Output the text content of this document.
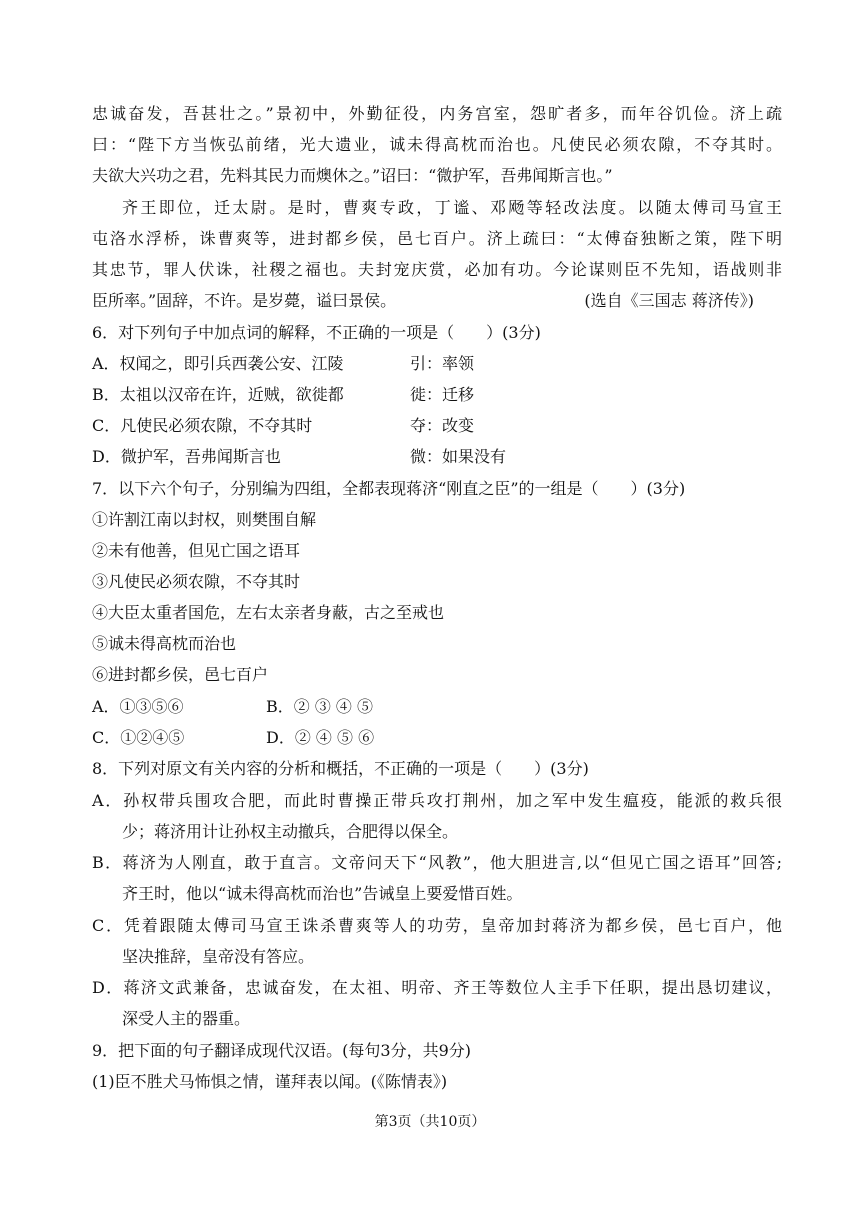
忠诚奋发，吾甚壮之。”景初中，外勤征役，内务宫室，怨旷者多，而年谷饥俭。济上疏
曰：“陛下方当恢弘前绪，光大遗业，诚未得高枕而治也。凡使民必须农隙，不夺其时。
夫欲大兴功之君，先料其民力而燠休之。”诏曰：“微护军，吾弗闻斯言也。”
齐王即位，迁太尉。是时，曹爽专政，丁谧、邓飏等轻改法度。以随太傅司马宣王
屯洛水浮桥，诛曹爽等，进封都乡侯，邑七百户。济上疏曰：“太傅奋独断之策，陛下明
其忠节，罪人伏诛，社稷之福也。夫封宠庆赏，必加有功。今论谋则臣不先知，语战则非
臣所率。”固辞，不许。是岁薨，谥曰景侯。	(选自《三国志 蒋济传》)
6．对下列句子中加点词的解释，不正确的一项是（　　）(3分)
A．权闻之，即引兵西袭公安、江陵	引：率领
B．太祖以汉帝在许，近贼，欲徙都	徙：迁移
C．凡使民必须农隙，不夺其时	夺：改变
D．微护军，吾弗闻斯言也	微：如果没有
7．以下六个句子，分别编为四组，全都表现蒋济“刚直之臣”的一组是（　　）(3分)
①许割江南以封权，则樊围自解
②未有他善，但见亡国之语耳
③凡使民必须农隙，不夺其时
④大臣太重者国危，左右太亲者身蔽，古之至戒也
⑤诚未得高枕而治也
⑥进封都乡侯，邑七百户
A．①③⑤⑥	B．② ③ ④ ⑤
C．①②④⑤	D．② ④ ⑤ ⑥
8．下列对原文有关内容的分析和概括，不正确的一项是（　　）(3分)
A．孙权带兵围攻合肥，而此时曹操正带兵攻打荆州，加之军中发生瘟疫，能派的救兵很
少；蒋济用计让孙权主动撤兵，合肥得以保全。
B．蒋济为人刚直，敢于直言。文帝问天下“风教”，他大胆进言,以“但见亡国之语耳”回答;
齐王时，他以“诚未得高枕而治也”告诫皇上要爱惜百姓。
C．凭着跟随太傅司马宣王诛杀曹爽等人的功劳，皇帝加封蒋济为都乡侯，邑七百户，他
坚决推辞，皇帝没有答应。
D．蒋济文武兼备，忠诚奋发，在太祖、明帝、齐王等数位人主手下任职，提出恳切建议，
深受人主的器重。
9．把下面的句子翻译成现代汉语。(每句3分，共9分)
(1)臣不胜犬马怖惧之情，谨拜表以闻。(《陈情表》)
第3页（共10页）
